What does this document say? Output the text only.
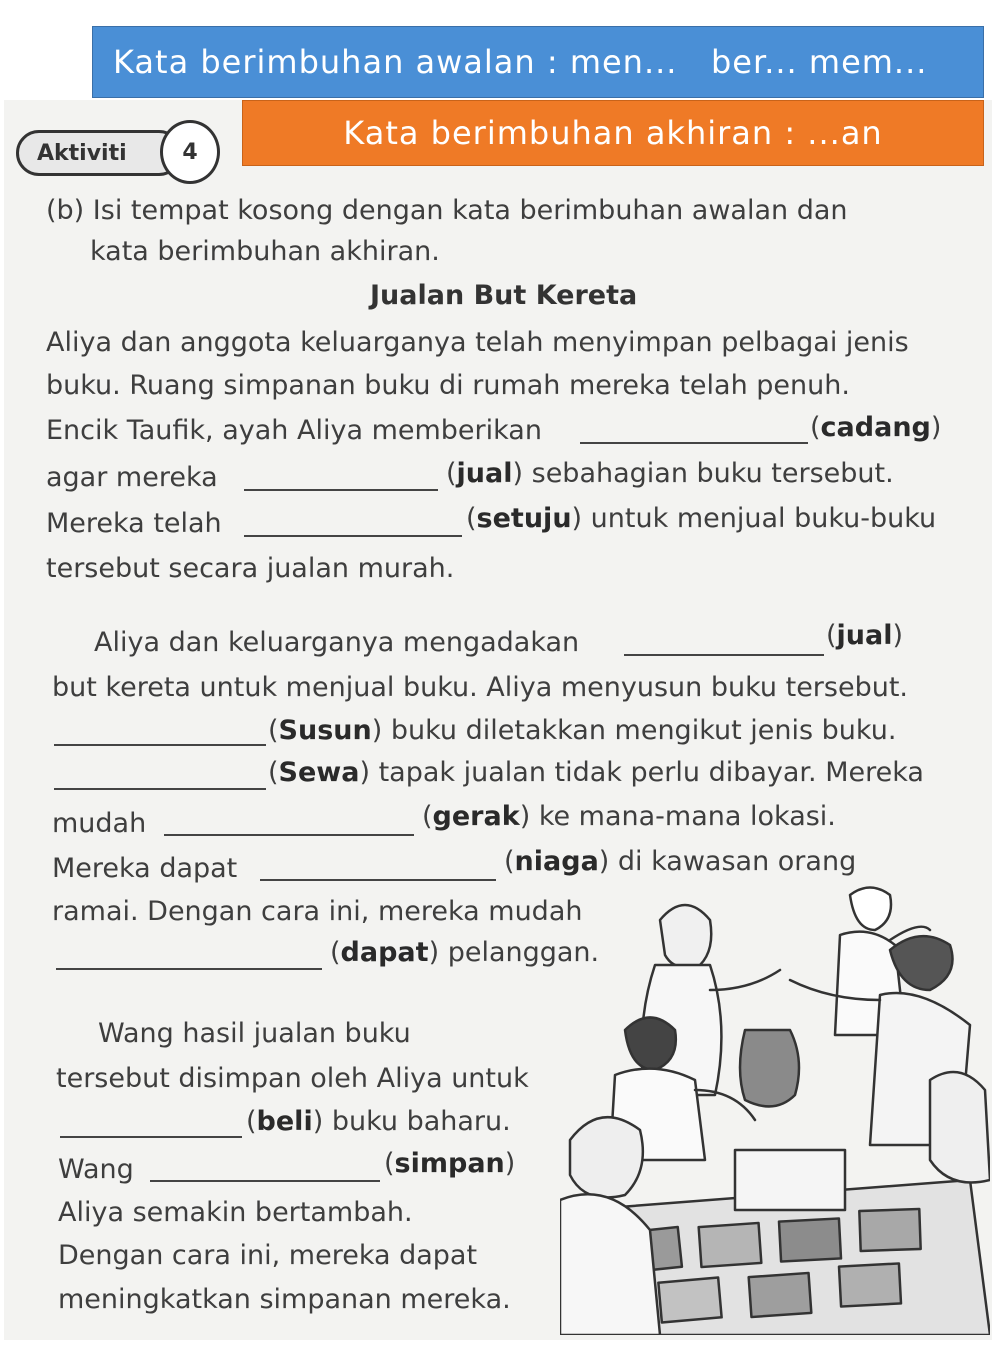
Kata berimbuhan awalan : men...   ber... mem...
Kata berimbuhan akhiran : ...an
Aktiviti	4
(b) Isi tempat kosong dengan kata berimbuhan awalan dan
kata berimbuhan akhiran.
Jualan But Kereta
Aliya dan anggota keluarganya telah menyimpan pelbagai jenis
buku. Ruang simpanan buku di rumah mereka telah penuh.
Encik Taufik, ayah Aliya memberikan	(cadang)
agar mereka	(jual) sebahagian buku tersebut.
Mereka telah	(setuju) untuk menjual buku-buku
tersebut secara jualan murah.
Aliya dan keluarganya mengadakan	(jual)
but kereta untuk menjual buku. Aliya menyusun buku tersebut.
(Susun) buku diletakkan mengikut jenis buku.
(Sewa) tapak jualan tidak perlu dibayar. Mereka
mudah	(gerak) ke mana-mana lokasi.
Mereka dapat	(niaga) di kawasan orang
ramai. Dengan cara ini, mereka mudah
(dapat) pelanggan.
Wang hasil jualan buku
tersebut disimpan oleh Aliya untuk
(beli) buku baharu.
Wang	(simpan)
Aliya semakin bertambah.
Dengan cara ini, mereka dapat
meningkatkan simpanan mereka.
